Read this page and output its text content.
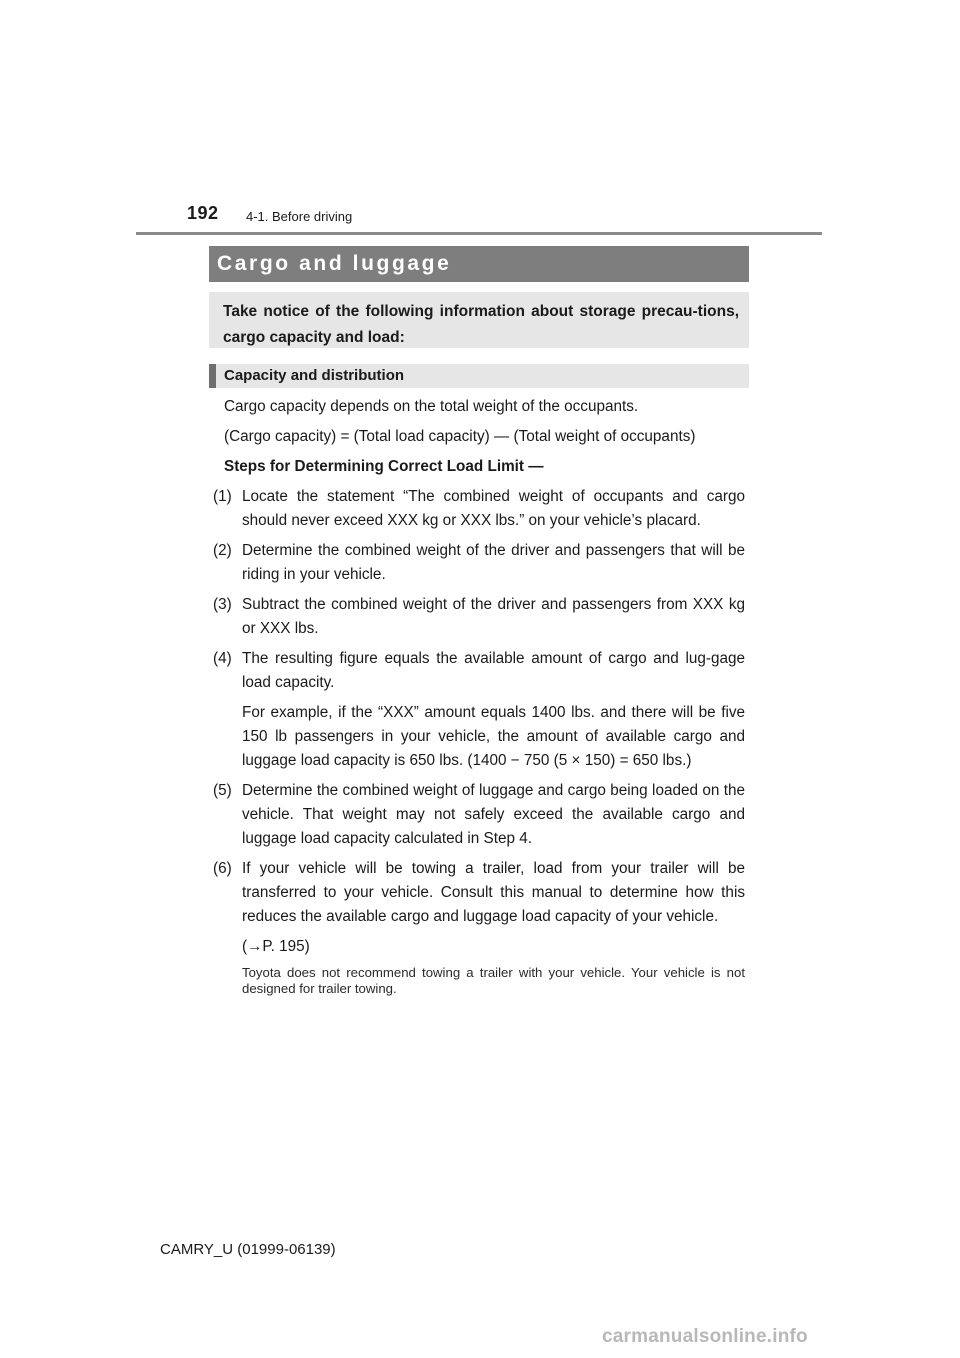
192 4-1. Before driving
Cargo and luggage
Take notice of the following information about storage precau-tions, cargo capacity and load:
Capacity and distribution

Cargo capacity depends on the total weight of the occupants.

(Cargo capacity) = (Total load capacity) — (Total weight of occupants)

Steps for Determining Correct Load Limit —

(1) Locate the statement “The combined weight of occupants and cargo should never exceed XXX kg or XXX lbs.” on your vehicle’s placard.
(2) Determine the combined weight of the driver and passengers that will be riding in your vehicle.
(3) Subtract the combined weight of the driver and passengers from XXX kg or XXX lbs.
(4) The resulting figure equals the available amount of cargo and lug-gage load capacity.

For example, if the “XXX” amount equals 1400 lbs. and there will be five 150 lb passengers in your vehicle, the amount of available cargo and luggage load capacity is 650 lbs. (1400 − 750 (5 × 150) = 650 lbs.)

(5) Determine the combined weight of luggage and cargo being loaded on the vehicle. That weight may not safely exceed the available cargo and luggage load capacity calculated in Step 4.
(6) If your vehicle will be towing a trailer, load from your trailer will be transferred to your vehicle. Consult this manual to determine how this reduces the available cargo and luggage load capacity of your vehicle.

(→P. 195)

Toyota does not recommend towing a trailer with your vehicle. Your vehicle is not designed for trailer towing.

CAMRY_U (01999-06139)
carmanualsonline.info
